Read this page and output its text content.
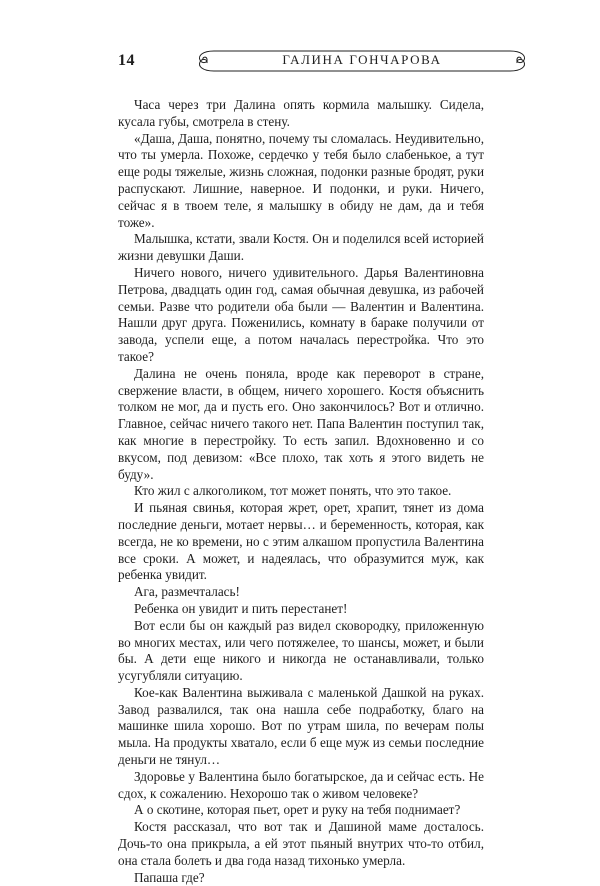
14	ГАЛИНА ГОНЧАРОВА

Часа через три Далина опять кормила малышку. Сидела, кусала губы, смотрела в стену.

«Даша, Даша, понятно, почему ты сломалась. Неудивительно, что ты умерла. Похоже, сердечко у тебя было слабенькое, а тут еще роды тяжелые, жизнь сложная, подонки разные бродят, руки распускают. Лишние, наверное. И подонки, и руки. Ничего, сейчас я в твоем теле, я малышку в обиду не дам, да и тебя тоже».

Малышка, кстати, звали Костя. Он и поделился всей историей жизни девушки Даши.

Ничего нового, ничего удивительного. Дарья Валентиновна Петрова, двадцать один год, самая обычная девушка, из рабочей семьи. Разве что родители оба были — Валентин и Валентина. Нашли друг друга. Поженились, комнату в бараке получили от завода, успели еще, а потом началась перестройка. Что это такое?

Далина не очень поняла, вроде как переворот в стране, свержение власти, в общем, ничего хорошего. Костя объяснить толком не мог, да и пусть его. Оно закончилось? Вот и отлично. Главное, сейчас ничего такого нет. Папа Валентин поступил так, как многие в перестройку. То есть запил. Вдохновенно и со вкусом, под девизом: «Все плохо, так хоть я этого видеть не буду».

Кто жил с алкоголиком, тот может понять, что это такое.

И пьяная свинья, которая жрет, орет, храпит, тянет из дома последние деньги, мотает нервы… и беременность, которая, как всегда, не ко времени, но с этим алкашом пропустила Валентина все сроки. А может, и надеялась, что образумится муж, как ребенка увидит.

Ага, размечталась!

Ребенка он увидит и пить перестанет!

Вот если бы он каждый раз видел сковородку, приложенную во многих местах, или чего потяжелее, то шансы, может, и были бы. А дети еще никого и никогда не останавливали, только усугубляли ситуацию.

Кое-как Валентина выживала с маленькой Дашкой на руках. Завод развалился, так она нашла себе подработку, благо на машинке шила хорошо. Вот по утрам шила, по вечерам полы мыла. На продукты хватало, если б еще муж из семьи последние деньги не тянул…

Здоровье у Валентина было богатырское, да и сейчас есть. Не сдох, к сожалению. Нехорошо так о живом человеке?

А о скотине, которая пьет, орет и руку на тебя поднимает?

Костя рассказал, что вот так и Дашиной маме досталось. Дочь-то она прикрыла, а ей этот пьяный внутрих что-то отбил, она стала болеть и два года назад тихонько умерла.

Папаша где?
